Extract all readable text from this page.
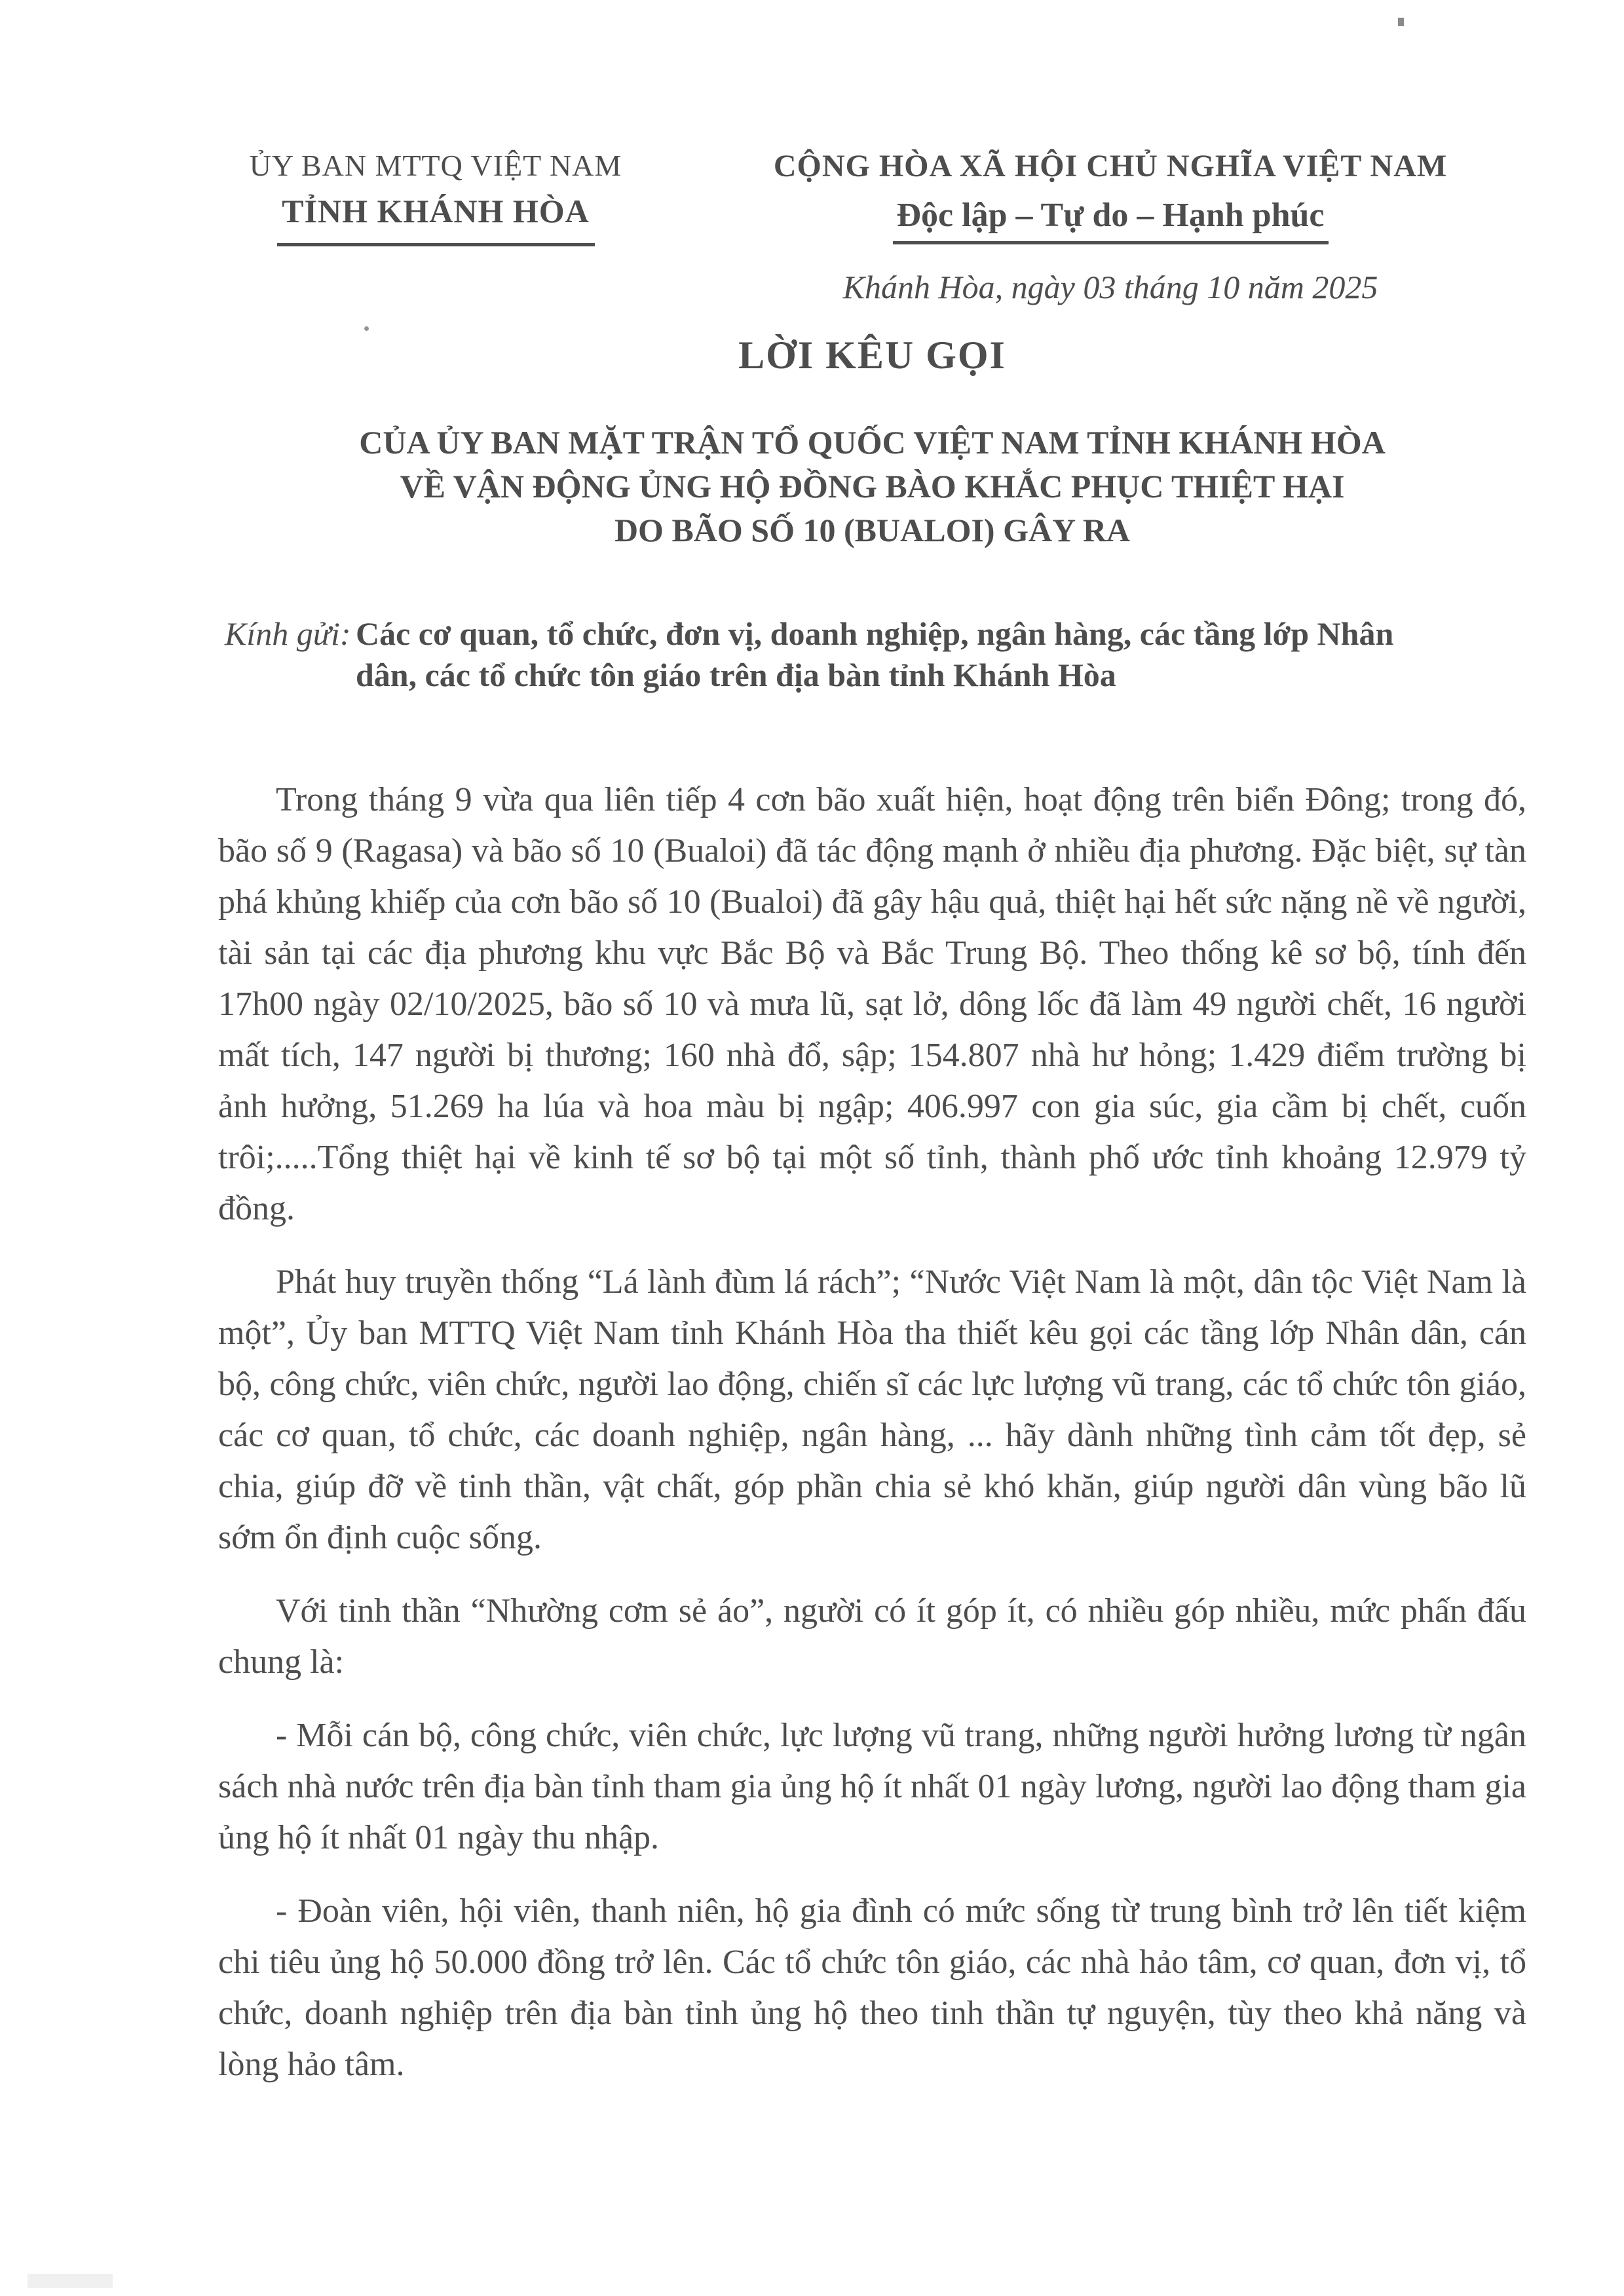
ỦY BAN MTTQ VIỆT NAM
TỈNH KHÁNH HÒA
CỘNG HÒA XÃ HỘI CHỦ NGHĨA VIỆT NAM
Độc lập – Tự do – Hạnh phúc
Khánh Hòa, ngày 03 tháng 10 năm 2025
LỜI KÊU GỌI
CỦA ỦY BAN MẶT TRẬN TỔ QUỐC VIỆT NAM TỈNH KHÁNH HÒA
VỀ VẬN ĐỘNG ỦNG HỘ ĐỒNG BÀO KHẮC PHỤC THIỆT HẠI
DO BÃO SỐ 10 (BUALOI) GÂY RA
Kính gửi: Các cơ quan, tổ chức, đơn vị, doanh nghiệp, ngân hàng, các tầng lớp Nhân dân, các tổ chức tôn giáo trên địa bàn tỉnh Khánh Hòa

Trong tháng 9 vừa qua liên tiếp 4 cơn bão xuất hiện, hoạt động trên biển Đông; trong đó, bão số 9 (Ragasa) và bão số 10 (Bualoi) đã tác động mạnh ở nhiều địa phương. Đặc biệt, sự tàn phá khủng khiếp của cơn bão số 10 (Bualoi) đã gây hậu quả, thiệt hại hết sức nặng nề về người, tài sản tại các địa phương khu vực Bắc Bộ và Bắc Trung Bộ. Theo thống kê sơ bộ, tính đến 17h00 ngày 02/10/2025, bão số 10 và mưa lũ, sạt lở, dông lốc đã làm 49 người chết, 16 người mất tích, 147 người bị thương; 160 nhà đổ, sập; 154.807 nhà hư hỏng; 1.429 điểm trường bị ảnh hưởng, 51.269 ha lúa và hoa màu bị ngập; 406.997 con gia súc, gia cầm bị chết, cuốn trôi;.....Tổng thiệt hại về kinh tế sơ bộ tại một số tỉnh, thành phố ước tỉnh khoảng 12.979 tỷ đồng.

Phát huy truyền thống “Lá lành đùm lá rách”; “Nước Việt Nam là một, dân tộc Việt Nam là một”, Ủy ban MTTQ Việt Nam tỉnh Khánh Hòa tha thiết kêu gọi các tầng lớp Nhân dân, cán bộ, công chức, viên chức, người lao động, chiến sĩ các lực lượng vũ trang, các tổ chức tôn giáo, các cơ quan, tổ chức, các doanh nghiệp, ngân hàng, ... hãy dành những tình cảm tốt đẹp, sẻ chia, giúp đỡ về tinh thần, vật chất, góp phần chia sẻ khó khăn, giúp người dân vùng bão lũ sớm ổn định cuộc sống.

Với tinh thần “Nhường cơm sẻ áo”, người có ít góp ít, có nhiều góp nhiều, mức phấn đấu chung là:

- Mỗi cán bộ, công chức, viên chức, lực lượng vũ trang, những người hưởng lương từ ngân sách nhà nước trên địa bàn tỉnh tham gia ủng hộ ít nhất 01 ngày lương, người lao động tham gia ủng hộ ít nhất 01 ngày thu nhập.

- Đoàn viên, hội viên, thanh niên, hộ gia đình có mức sống từ trung bình trở lên tiết kiệm chi tiêu ủng hộ 50.000 đồng trở lên. Các tổ chức tôn giáo, các nhà hảo tâm, cơ quan, đơn vị, tổ chức, doanh nghiệp trên địa bàn tỉnh ủng hộ theo tinh thần tự nguyện, tùy theo khả năng và lòng hảo tâm.
